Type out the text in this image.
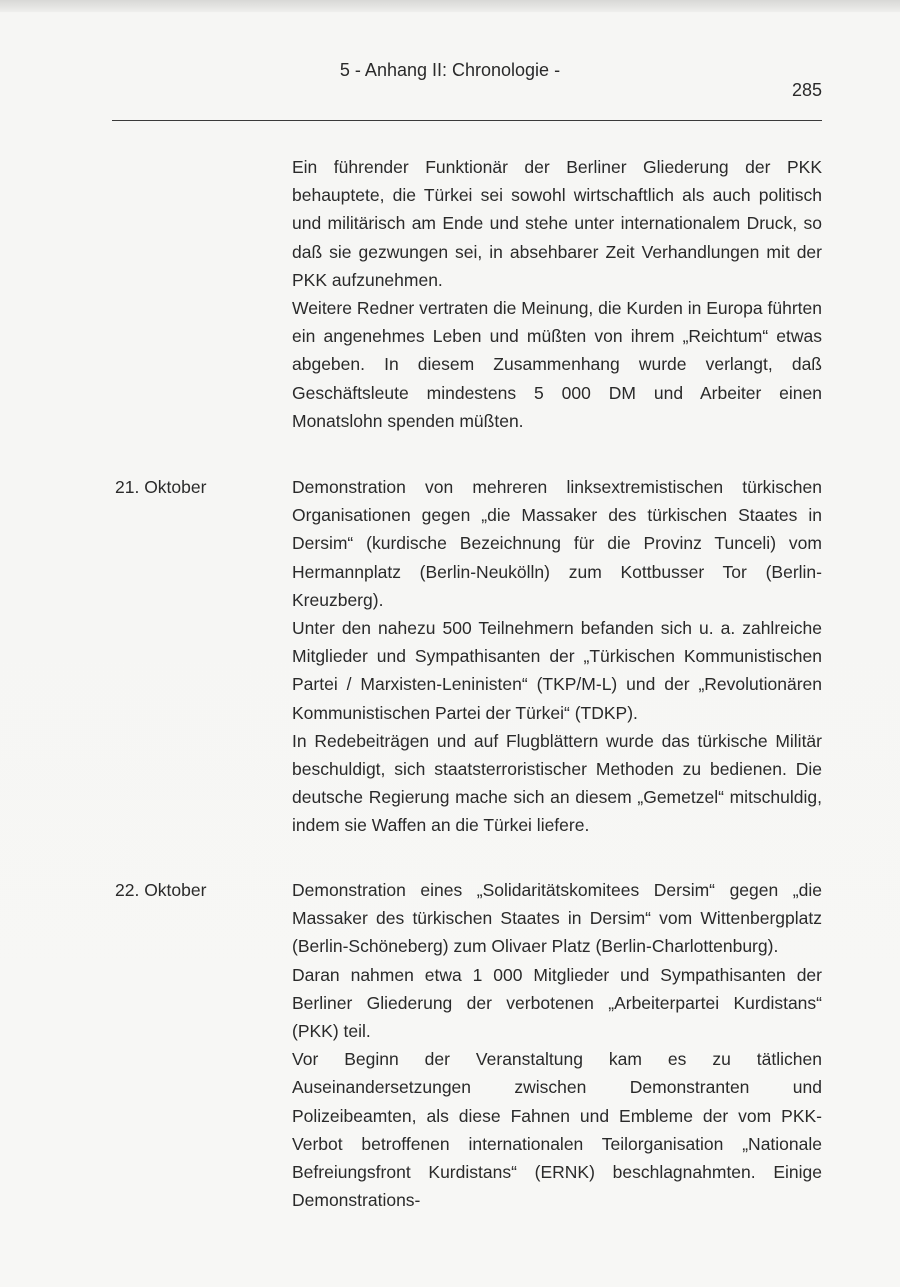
5 - Anhang II: Chronologie -
285

Ein führender Funktionär der Berliner Gliederung der PKK behauptete, die Türkei sei sowohl wirtschaftlich als auch politisch und militärisch am Ende und stehe unter internationalem Druck, so daß sie gezwungen sei, in absehbarer Zeit Verhandlungen mit der PKK aufzunehmen.

Weitere Redner vertraten die Meinung, die Kurden in Europa führten ein angenehmes Leben und müßten von ihrem „Reichtum“ etwas abgeben. In diesem Zusammenhang wurde verlangt, daß Geschäftsleute mindestens 5 000 DM und Arbeiter einen Monatslohn spenden müßten.

21. Oktober	Demonstration von mehreren linksextremistischen türkischen Organisationen gegen „die Massaker des türkischen Staates in Dersim“ (kurdische Bezeichnung für die Provinz Tunceli) vom Hermannplatz (Berlin-Neukölln) zum Kottbusser Tor (Berlin-Kreuzberg).

Unter den nahezu 500 Teilnehmern befanden sich u. a. zahlreiche Mitglieder und Sympathisanten der „Türkischen Kommunistischen Partei / Marxisten-Leninisten“ (TKP/M-L) und der „Revolutionären Kommunistischen Partei der Türkei“ (TDKP).

In Redebeiträgen und auf Flugblättern wurde das türkische Militär beschuldigt, sich staatsterroristischer Methoden zu bedienen. Die deutsche Regierung mache sich an diesem „Gemetzel“ mitschuldig, indem sie Waffen an die Türkei liefere.

22. Oktober	Demonstration eines „Solidaritätskomitees Dersim“ gegen „die Massaker des türkischen Staates in Dersim“ vom Wittenbergplatz (Berlin-Schöneberg) zum Olivaer Platz (Berlin-Charlottenburg).

Daran nahmen etwa 1 000 Mitglieder und Sympathisanten der Berliner Gliederung der verbotenen „Arbeiterpartei Kurdistans“ (PKK) teil.

Vor Beginn der Veranstaltung kam es zu tätlichen Auseinandersetzungen zwischen Demonstranten und Polizeibeamten, als diese Fahnen und Embleme der vom PKK-Verbot betroffenen internationalen Teilorganisation „Nationale Befreiungsfront Kurdistans“ (ERNK) beschlagnahmten. Einige Demonstrations-
